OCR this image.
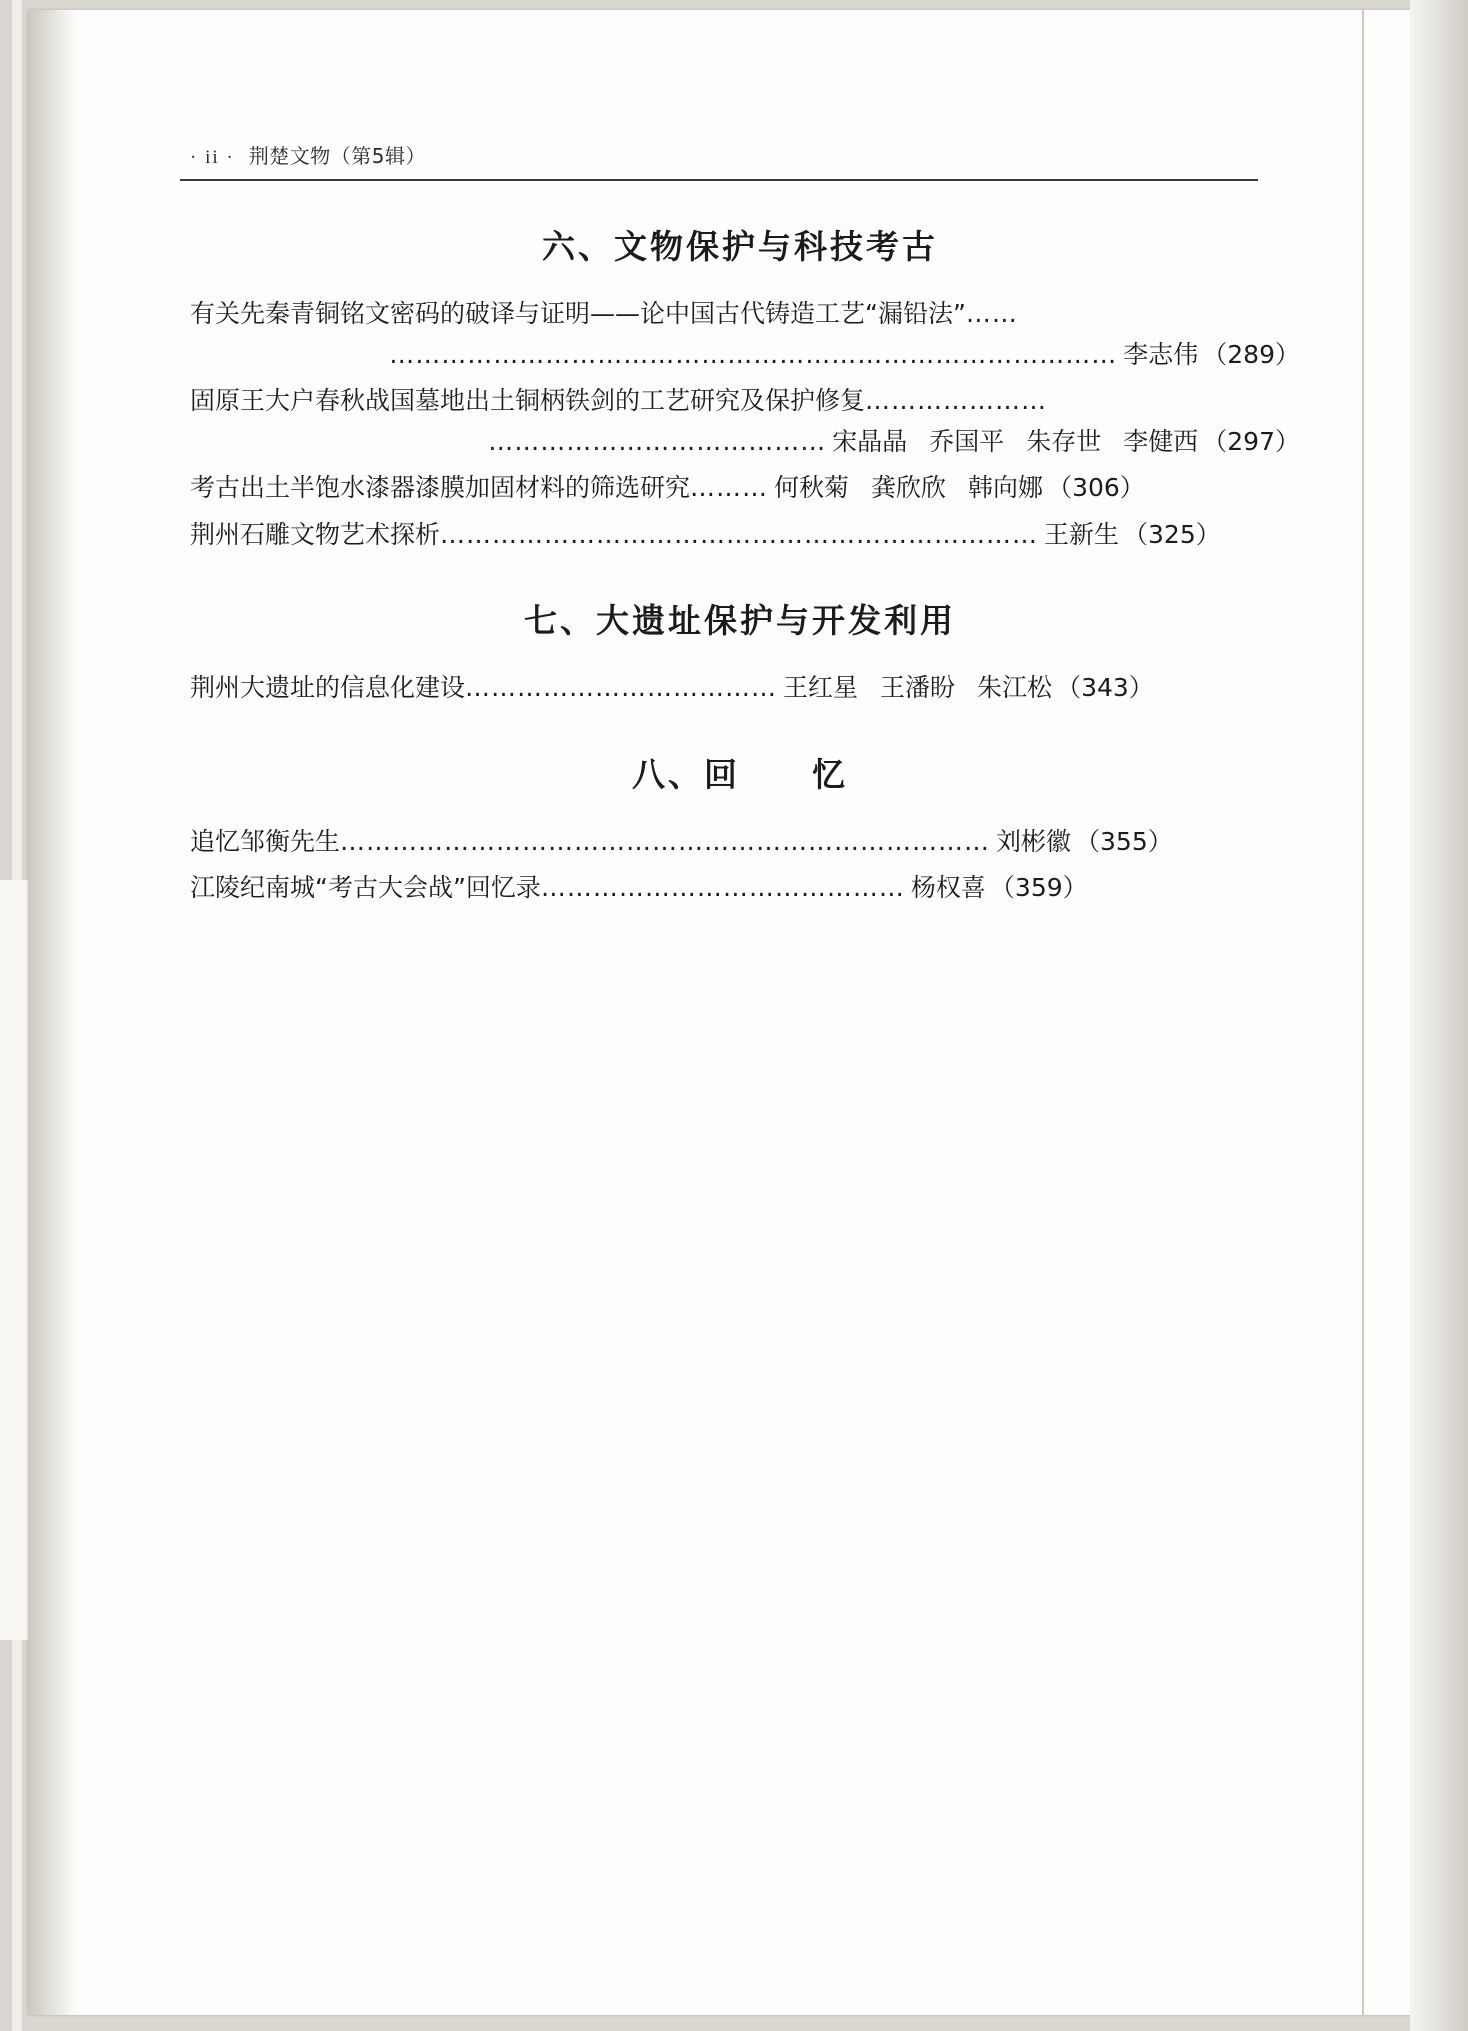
· ii · 荆楚文物（第5辑）
六、文物保护与科技考古

有关先秦青铜铭文密码的破译与证明——论中国古代铸造工艺“漏铅法”……
………………………………………………………………………… 李志伟 （289）

固原王大户春秋战国墓地出土铜柄铁剑的工艺研究及保护修复…………………
………………………………… 宋晶晶 乔国平 朱存世 李健西 （297）

考古出土半饱水漆器漆膜加固材料的筛选研究……… 何秋菊 龚欣欣 韩向娜 （306）

荆州石雕文物艺术探析…………………………………………………………… 王新生 （325）

七、大遗址保护与开发利用

荆州大遗址的信息化建设……………………………… 王红星 王潘盼 朱江松 （343）

八、回　　忆

追忆邹衡先生………………………………………………………………… 刘彬徽 （355）

江陵纪南城“考古大会战”回忆录…………………………………… 杨权喜 （359）
